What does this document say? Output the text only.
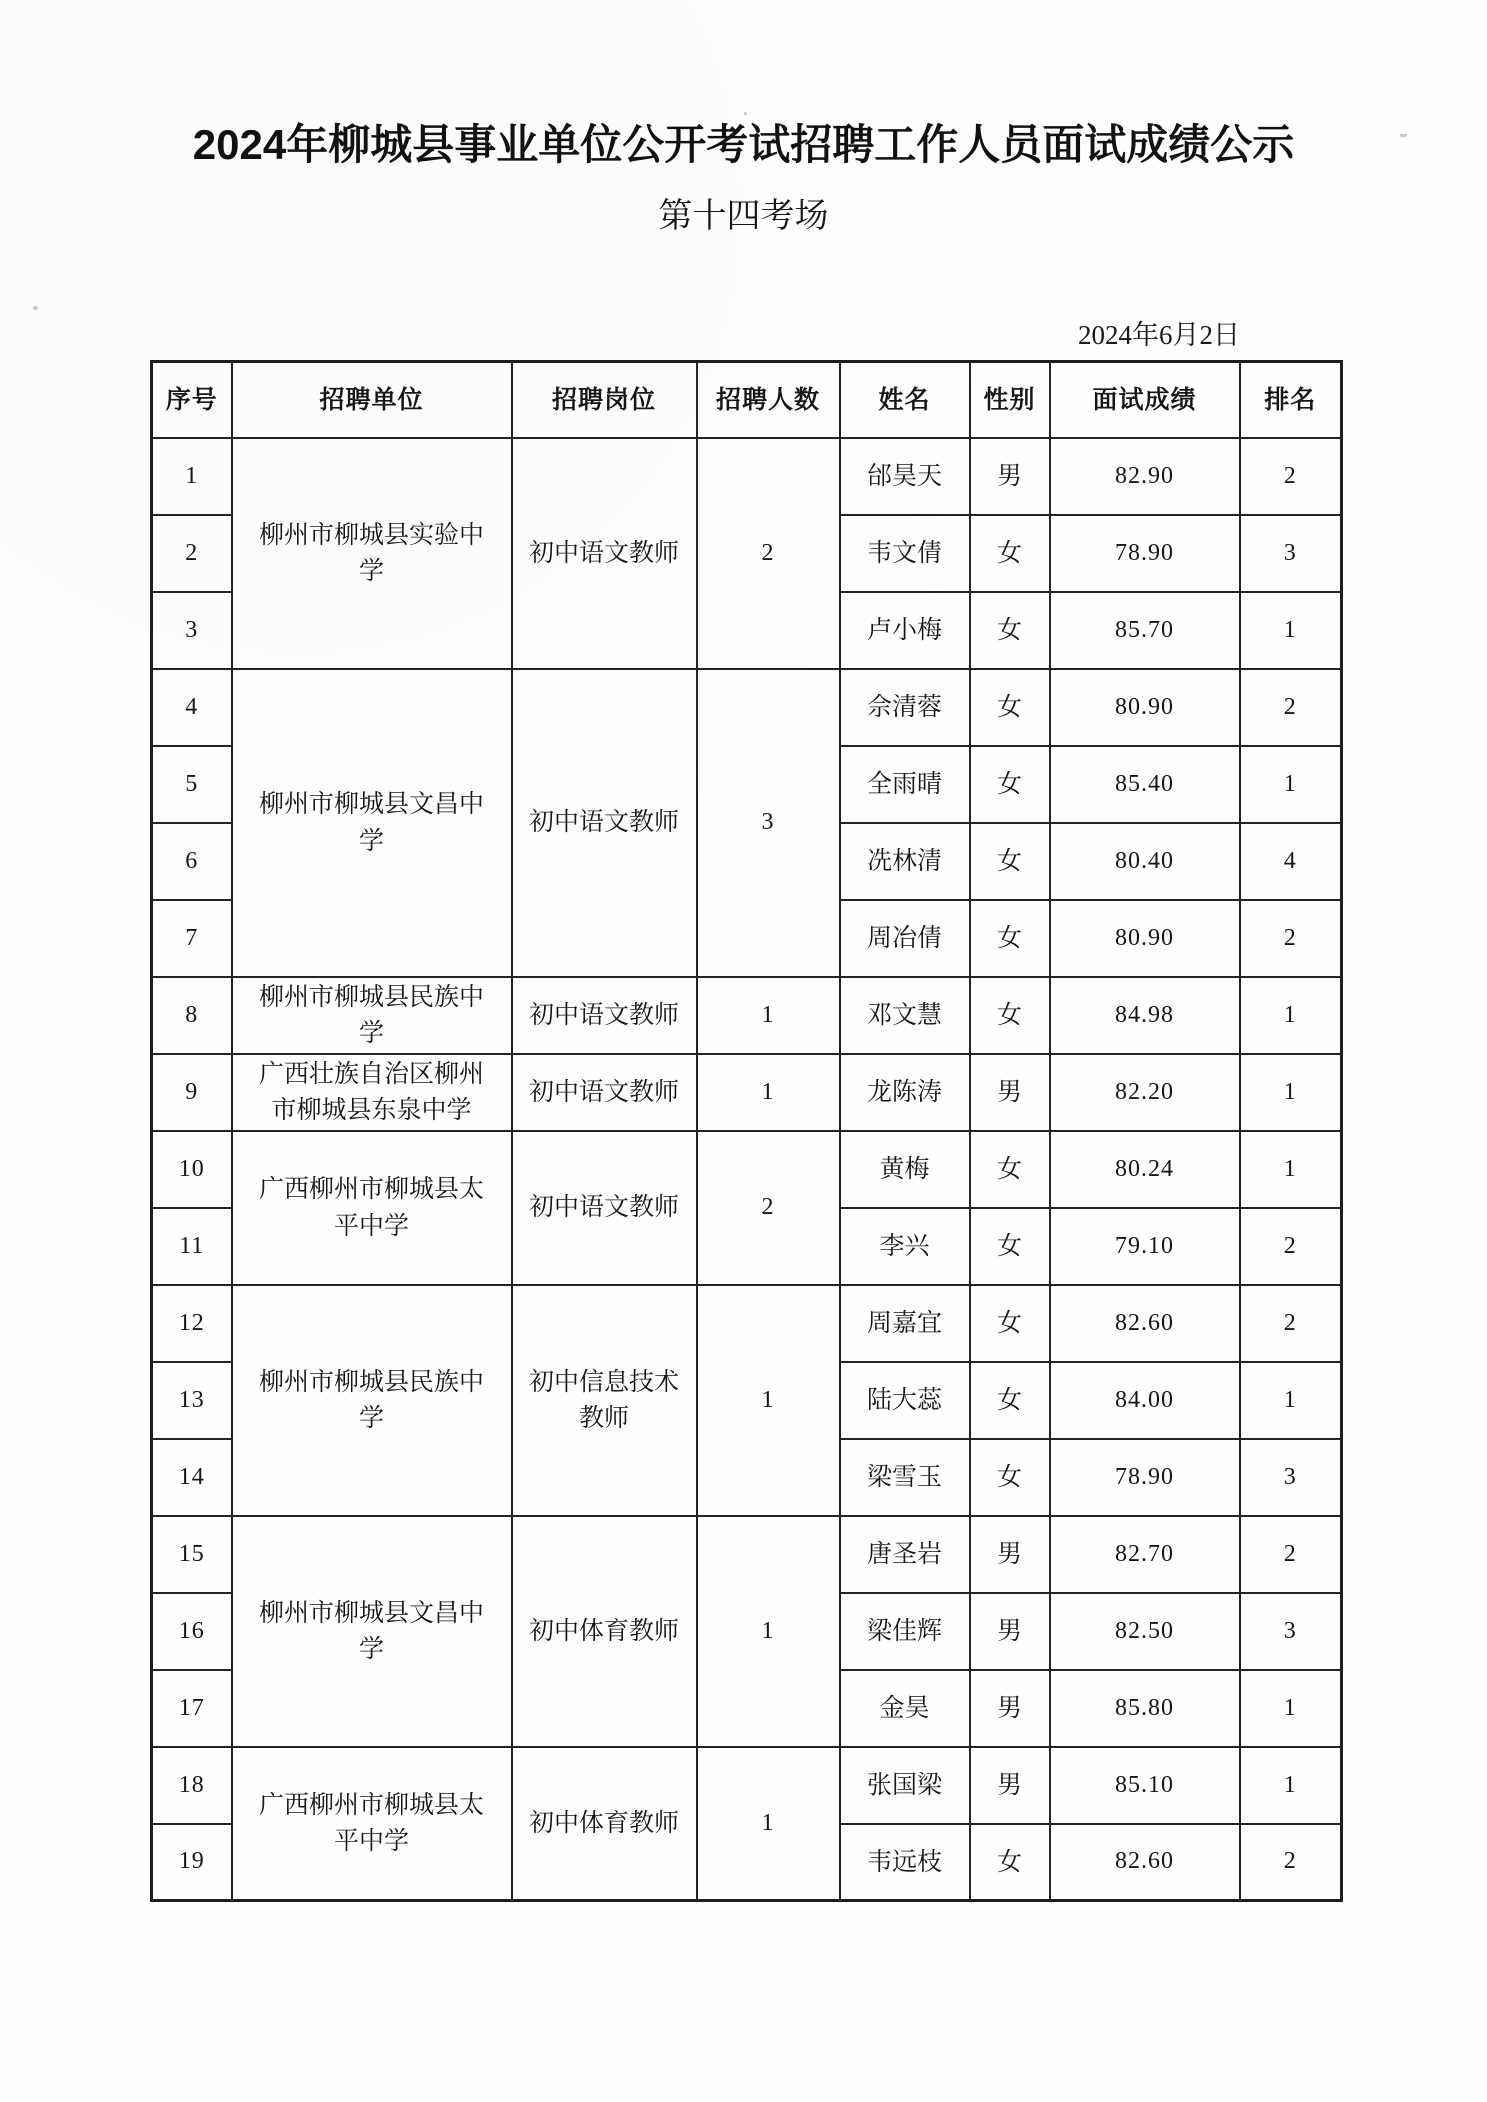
2024年柳城县事业单位公开考试招聘工作人员面试成绩公示
第十四考场
2024年6月2日
序号	招聘单位	招聘岗位	招聘人数	姓名	性别	面试成绩	排名
1	柳州市柳城县实验中学	初中语文教师	2	邰昊天	男	82.90	2
2				韦文倩	女	78.90	3
3				卢小梅	女	85.70	1
4	柳州市柳城县文昌中学	初中语文教师	3	佘清蓉	女	80.90	2
5				全雨晴	女	85.40	1
6				冼林清	女	80.40	4
7				周冶倩	女	80.90	2
8	柳州市柳城县民族中学	初中语文教师	1	邓文慧	女	84.98	1
9	广西壮族自治区柳州市柳城县东泉中学	初中语文教师	1	龙陈涛	男	82.20	1
10	广西柳州市柳城县太平中学	初中语文教师	2	黄梅	女	80.24	1
11				李兴	女	79.10	2
12	柳州市柳城县民族中学	初中信息技术教师	1	周嘉宜	女	82.60	2
13				陆大蕊	女	84.00	1
14				梁雪玉	女	78.90	3
15	柳州市柳城县文昌中学	初中体育教师	1	唐圣岩	男	82.70	2
16				梁佳辉	男	82.50	3
17				金昊	男	85.80	1
18	广西柳州市柳城县太平中学	初中体育教师	1	张国梁	男	85.10	1
19				韦远枝	女	82.60	2
